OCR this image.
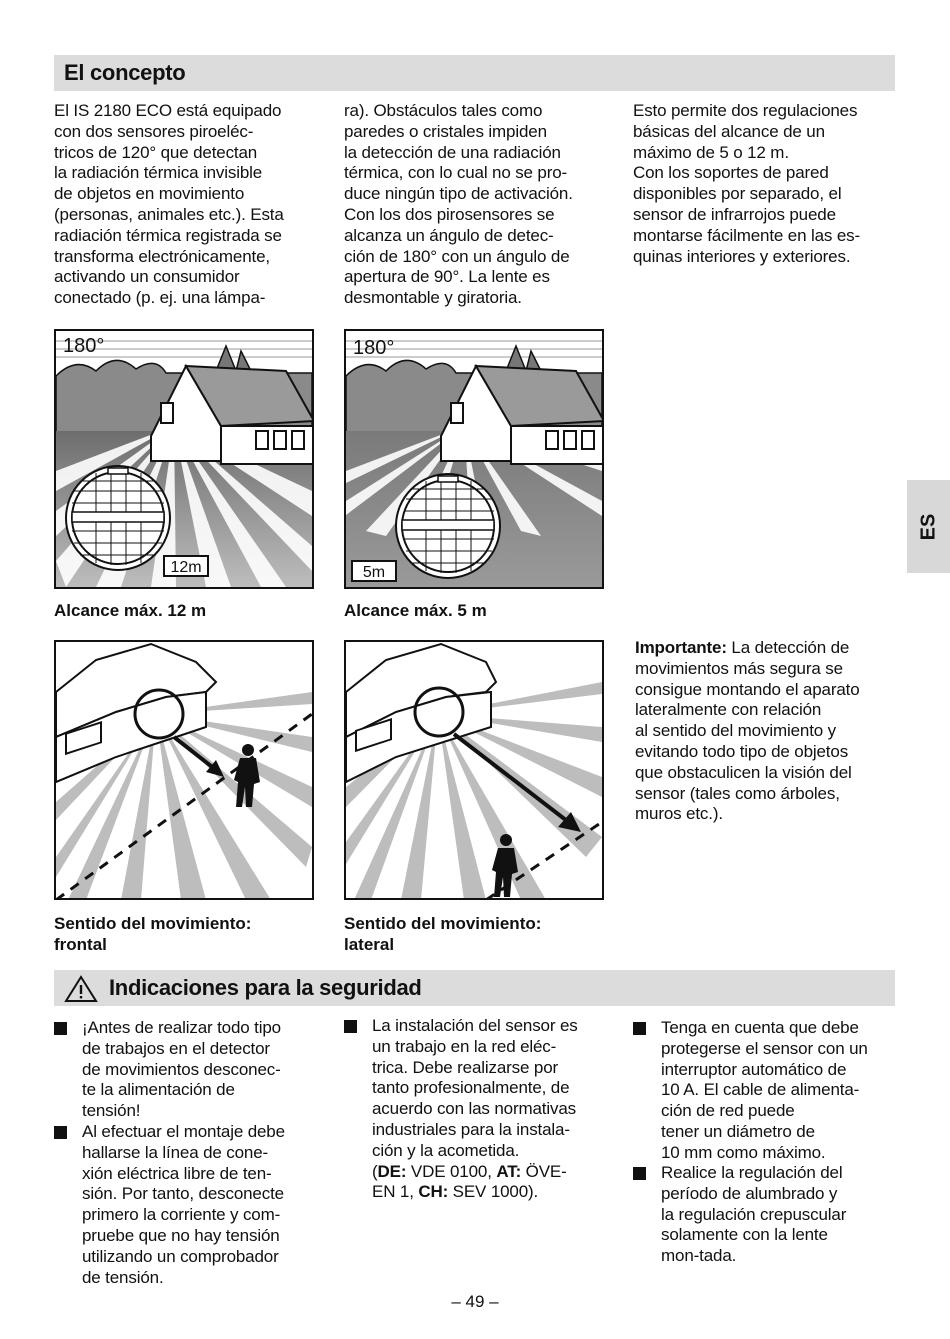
El concepto
El IS 2180 ECO está equipado
con dos sensores piroeléc-
tricos de 120° que detectan
la radiación térmica invisible
de objetos en movimiento
(personas, animales etc.). Esta
radiación térmica registrada se
transforma electrónicamente,
activando un consumidor
conectado (p. ej. una lámpa-
ra). Obstáculos tales como
paredes o cristales impiden
la detección de una radiación
térmica, con lo cual no se pro-
duce ningún tipo de activación.
Con los dos pirosensores se
alcanza un ángulo de detec-
ción de 180° con un ángulo de
apertura de 90°. La lente es
desmontable y giratoria.
Esto permite dos regulaciones
básicas del alcance de un
máximo de 5 o 12 m.
Con los soportes de pared
disponibles por separado, el
sensor de infrarrojos puede
montarse fácilmente en las es-
quinas interiores y exteriores.
12m
180°
Alcance máx. 12 m
5m
180°
Alcance máx. 5 m
Sentido del movimiento:
frontal
Sentido del movimiento:
lateral
Importante: La detección de
movimientos más segura se
consigue montando el aparato
lateralmente con relación
al sentido del movimiento y
evitando todo tipo de objetos
que obstaculicen la visión del
sensor (tales como árboles,
muros etc.).
Indicaciones para la seguridad

¡Antes de realizar todo tipo
de trabajos en el detector
de movimientos desconec-
te la alimentación de
tensión!

Al efectuar el montaje debe
hallarse la línea de cone-
xión eléctrica libre de ten-
sión. Por tanto, desconecte
primero la corriente y com-
pruebe que no hay tensión
utilizando un comprobador
de tensión.

La instalación del sensor es
un trabajo en la red eléc-
trica. Debe realizarse por
tanto profesionalmente, de
acuerdo con las normativas
industriales para la instala-
ción y la acometida.
(DE: VDE 0100, AT: ÖVE-
EN 1, CH: SEV 1000).

Tenga en cuenta que debe
protegerse el sensor con un
interruptor automático de
10 A. El cable de alimenta-
ción de red puede
tener un diámetro de
10 mm como máximo.

Realice la regulación del
período de alumbrado y
la regulación crepuscular
solamente con la lente
mon-tada.

ES
– 49 –
